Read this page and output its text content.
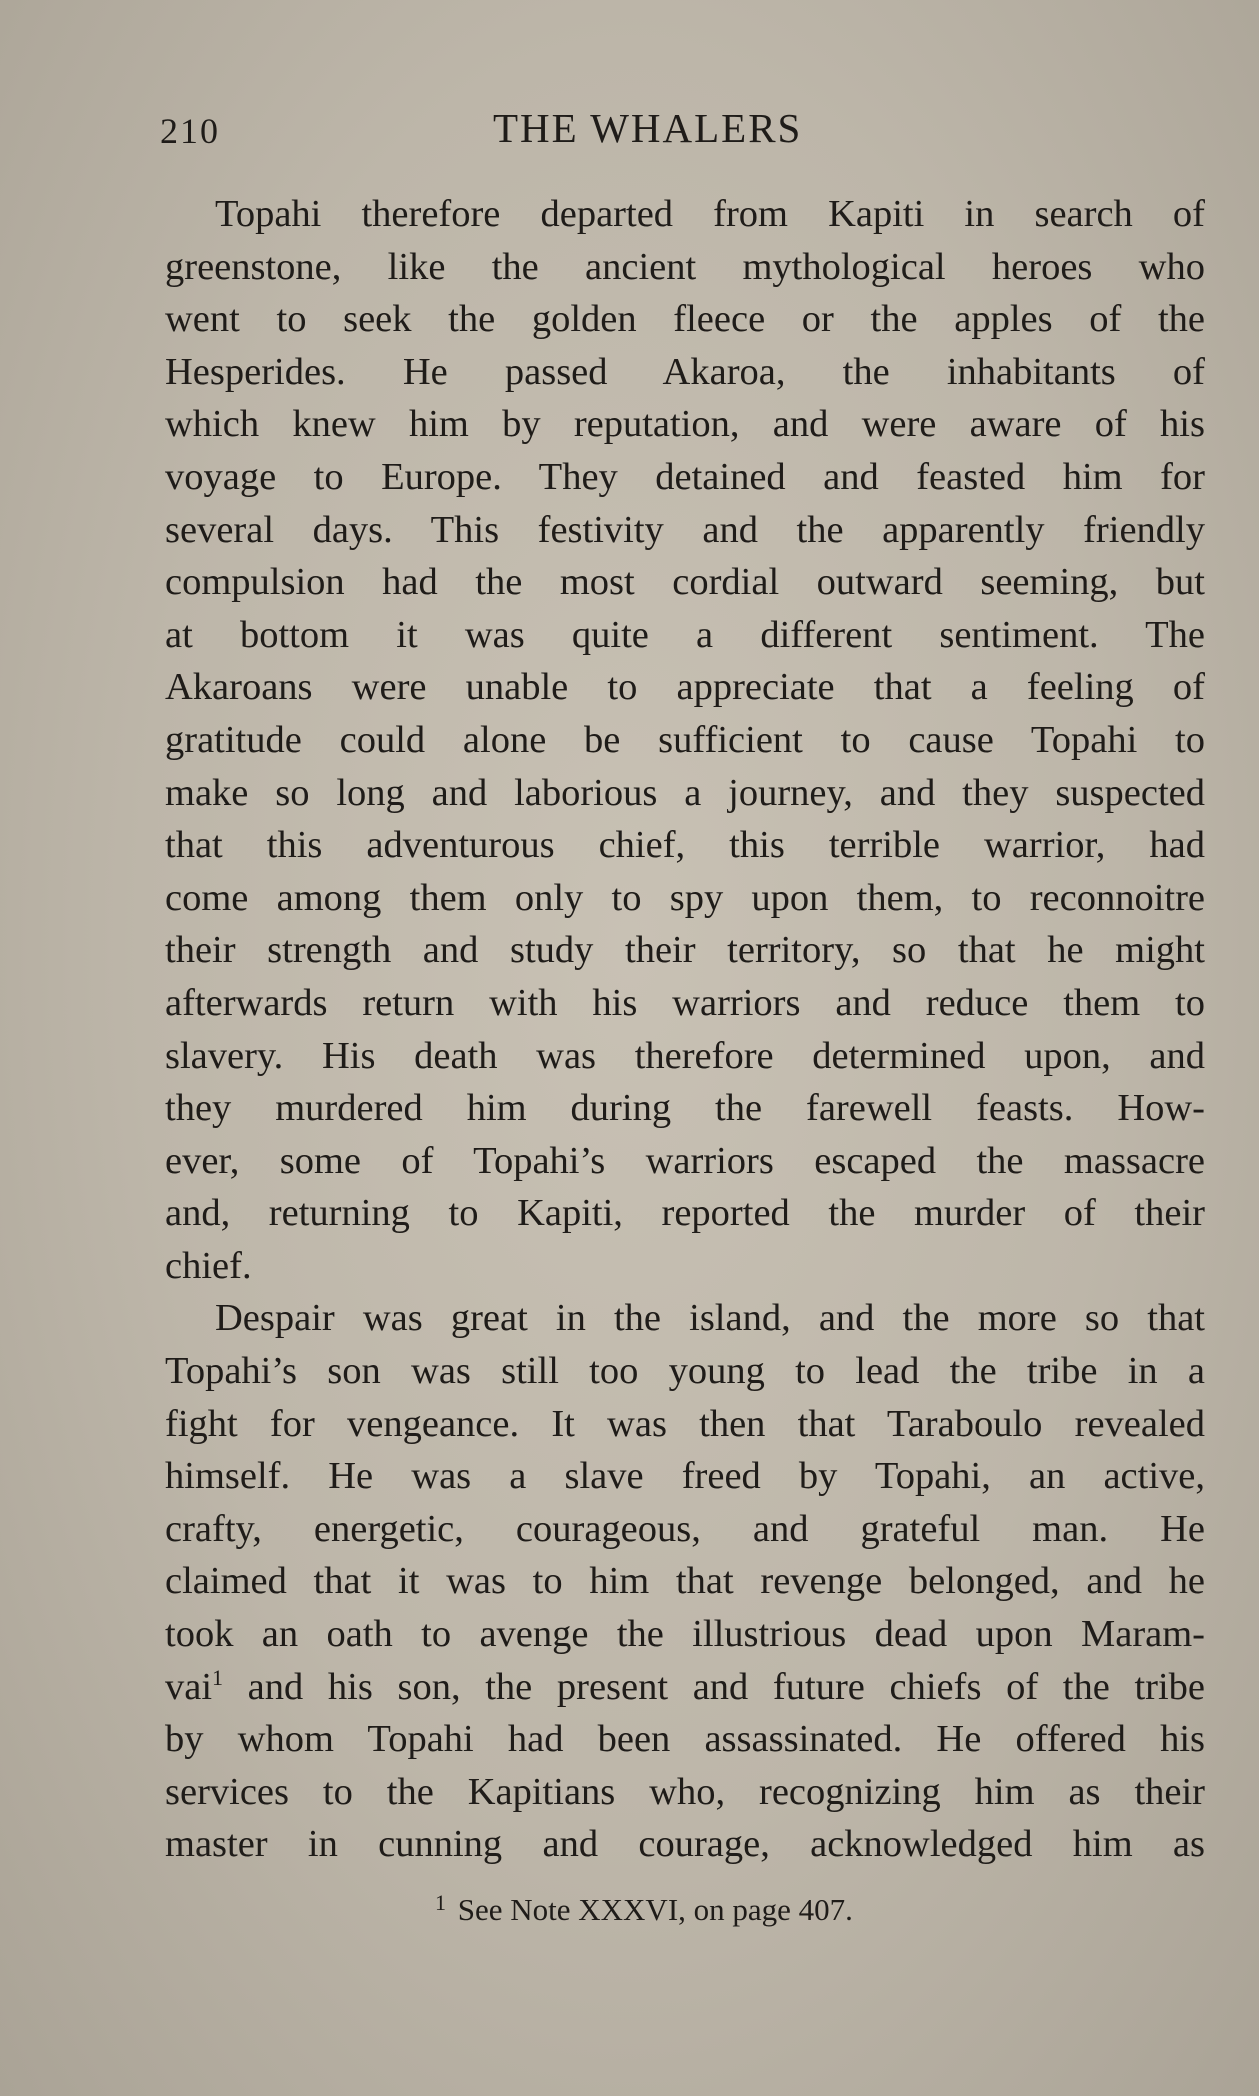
210	THE WHALERS
Topahi therefore departed from Kapiti in search of
greenstone, like the ancient mythological heroes who
went to seek the golden fleece or the apples of the
Hesperides. He passed Akaroa, the inhabitants of
which knew him by reputation, and were aware of his
voyage to Europe. They detained and feasted him for
several days. This festivity and the apparently friendly
compulsion had the most cordial outward seeming, but
at bottom it was quite a different sentiment. The
Akaroans were unable to appreciate that a feeling of
gratitude could alone be sufficient to cause Topahi to
make so long and laborious a journey, and they suspected
that this adventurous chief, this terrible warrior, had
come among them only to spy upon them, to reconnoitre
their strength and study their territory, so that he might
afterwards return with his warriors and reduce them to
slavery. His death was therefore determined upon, and
they murdered him during the farewell feasts. How-
ever, some of Topahi’s warriors escaped the massacre
and, returning to Kapiti, reported the murder of their
chief.
Despair was great in the island, and the more so that
Topahi’s son was still too young to lead the tribe in a
fight for vengeance. It was then that Taraboulo revealed
himself. He was a slave freed by Topahi, an active,
crafty, energetic, courageous, and grateful man. He
claimed that it was to him that revenge belonged, and he
took an oath to avenge the illustrious dead upon Maram-
vai$^1$ and his son, the present and future chiefs of the tribe
by whom Topahi had been assassinated. He offered his
services to the Kapitians who, recognizing him as their
master in cunning and courage, acknowledged him as
$^1$ See Note XXXVI, on page 407.
